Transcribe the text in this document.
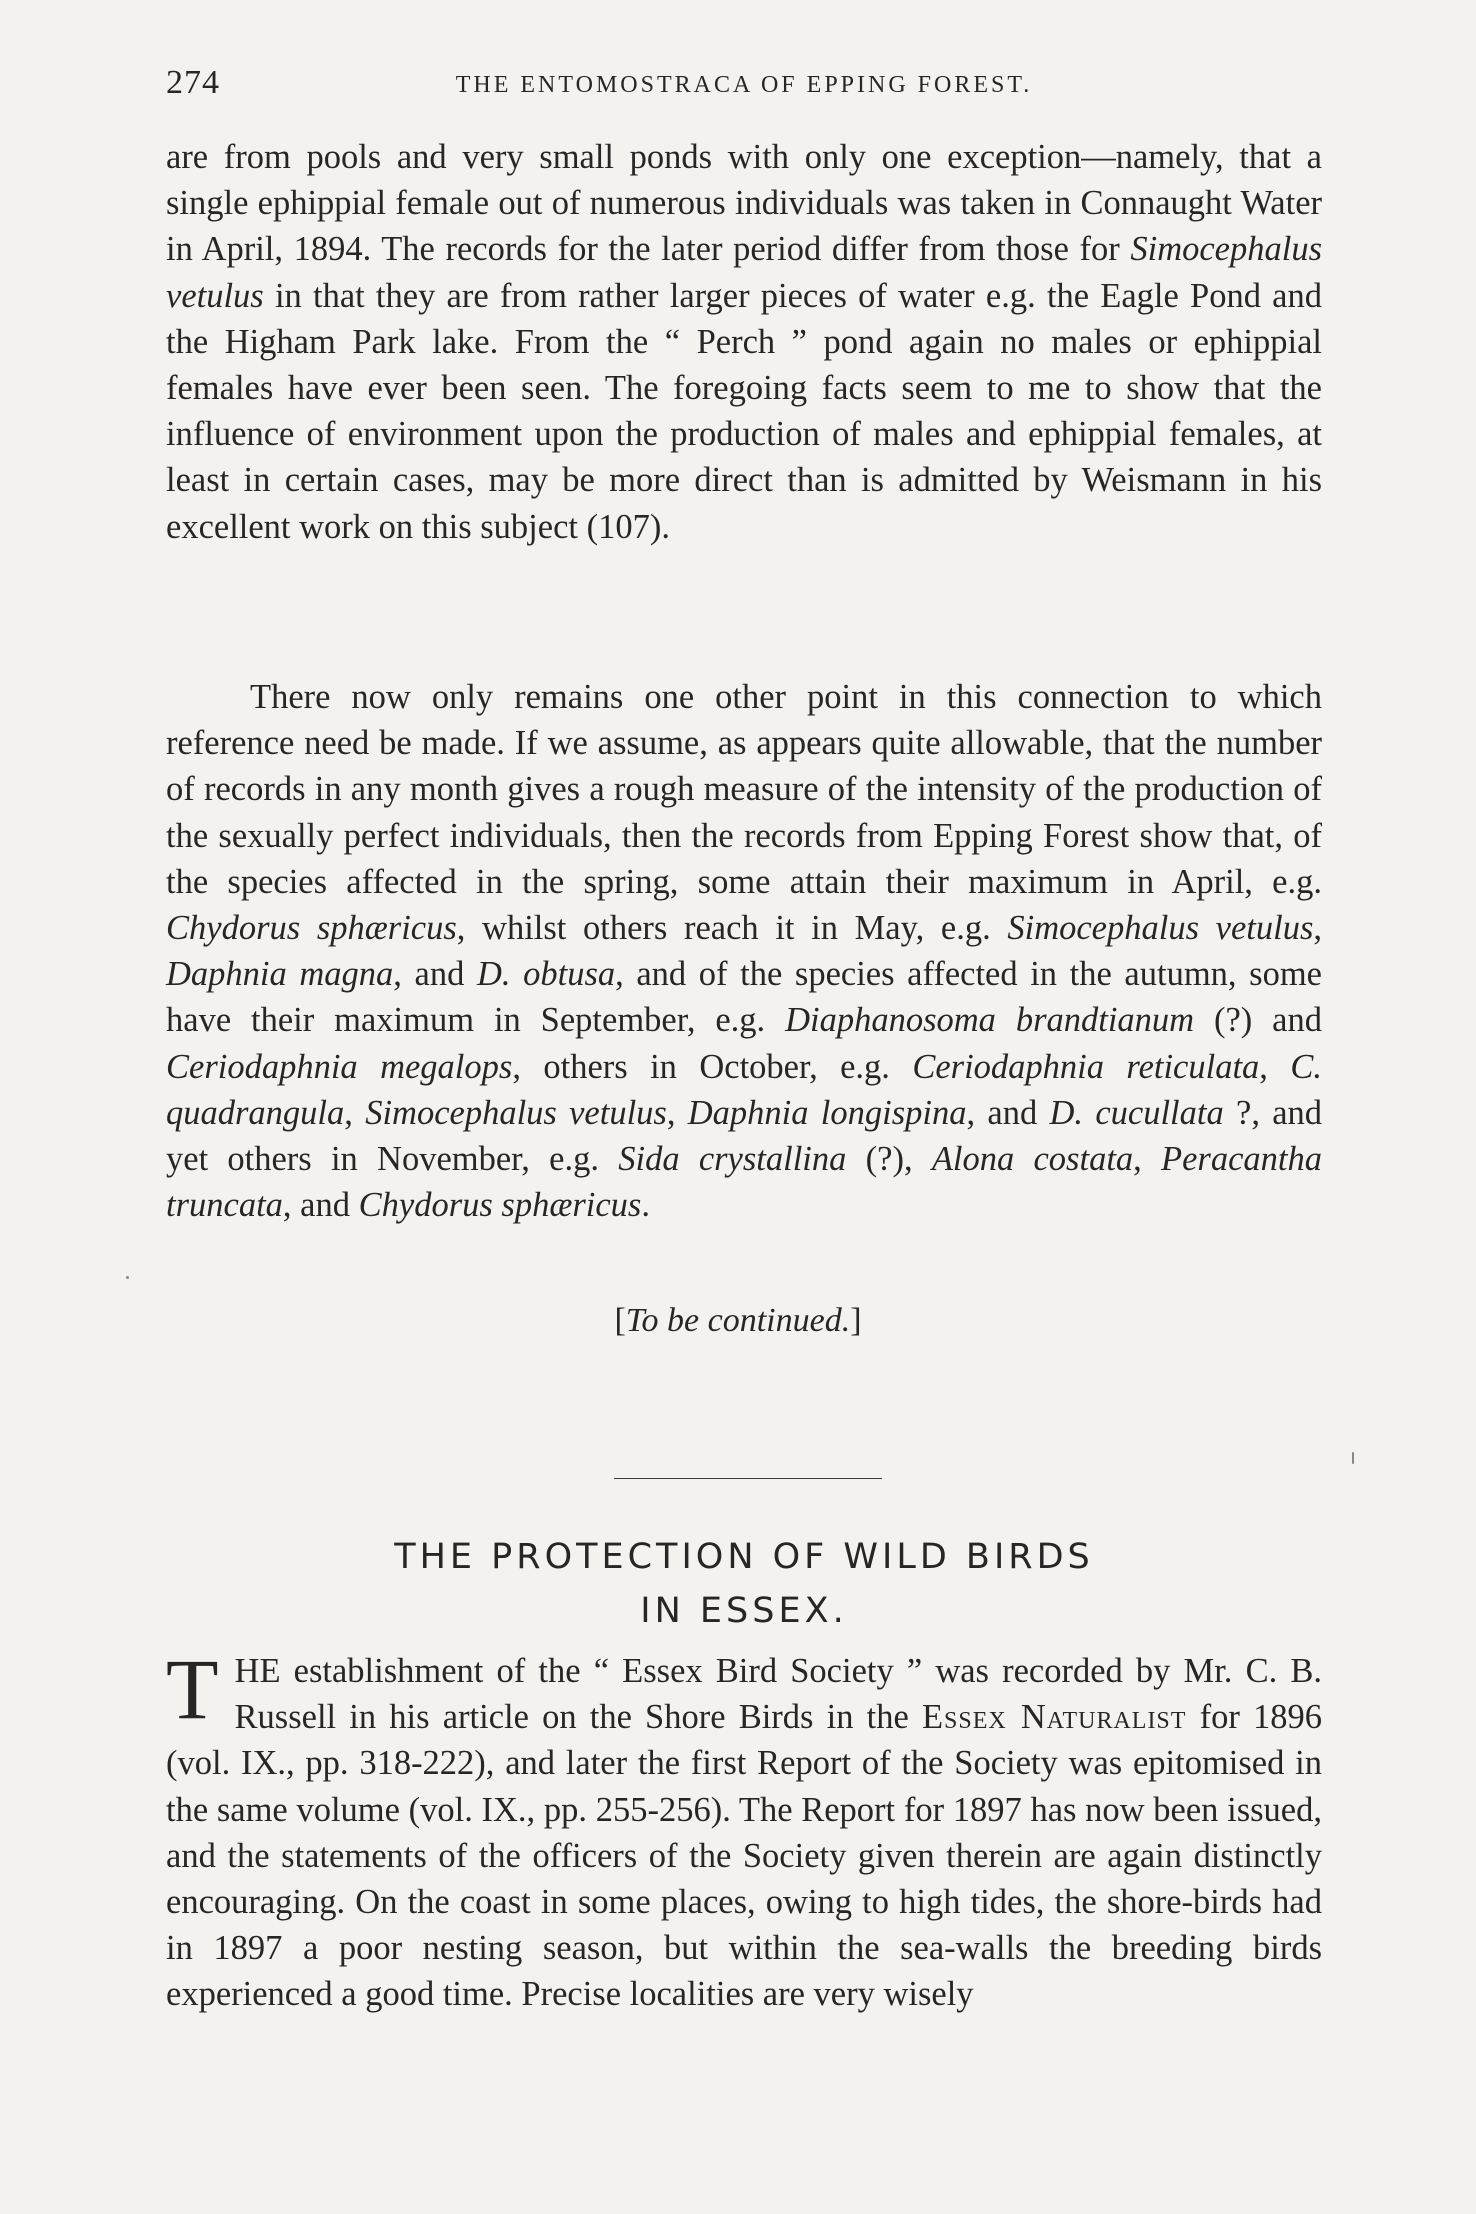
274	THE ENTOMOSTRACA OF EPPING FOREST.

are from pools and very small ponds with only one exception—namely, that a single ephippial female out of numerous individuals was taken in Connaught Water in April, 1894. The records for the later period differ from those for Simocephalus vetulus in that they are from rather larger pieces of water e.g. the Eagle Pond and the Higham Park lake. From the “ Perch ” pond again no males or ephippial females have ever been seen. The foregoing facts seem to me to show that the influence of environment upon the production of males and ephippial females, at least in certain cases, may be more direct than is admitted by Weismann in his excellent work on this subject (107).

There now only remains one other point in this connection to which reference need be made. If we assume, as appears quite allowable, that the number of records in any month gives a rough measure of the intensity of the production of the sexually perfect individuals, then the records from Epping Forest show that, of the species affected in the spring, some attain their maximum in April, e.g. Chydorus sphæricus, whilst others reach it in May, e.g. Simocephalus vetulus, Daphnia magna, and D. obtusa, and of the species affected in the autumn, some have their maximum in September, e.g. Diaphanosoma brandtianum (?) and Ceriodaphnia megalops, others in October, e.g. Ceriodaphnia reticulata, C. quadrangula, Simocephalus vetulus, Daphnia longispina, and D. cucullata ?, and yet others in November, e.g. Sida crystallina (?), Alona costata, Peracantha truncata, and Chydorus sphæricus.

[To be continued.]
THE PROTECTION OF WILD BIRDS
IN ESSEX.

THE establishment of the “ Essex Bird Society ” was recorded by Mr. C. B. Russell in his article on the Shore Birds in the Essex Naturalist for 1896 (vol. IX., pp. 318-222), and later the first Report of the Society was epitomised in the same volume (vol. IX., pp. 255-256). The Report for 1897 has now been issued, and the statements of the officers of the Society given therein are again distinctly encouraging. On the coast in some places, owing to high tides, the shore-birds had in 1897 a poor nesting season, but within the sea-walls the breeding birds experienced a good time. Precise localities are very wisely
